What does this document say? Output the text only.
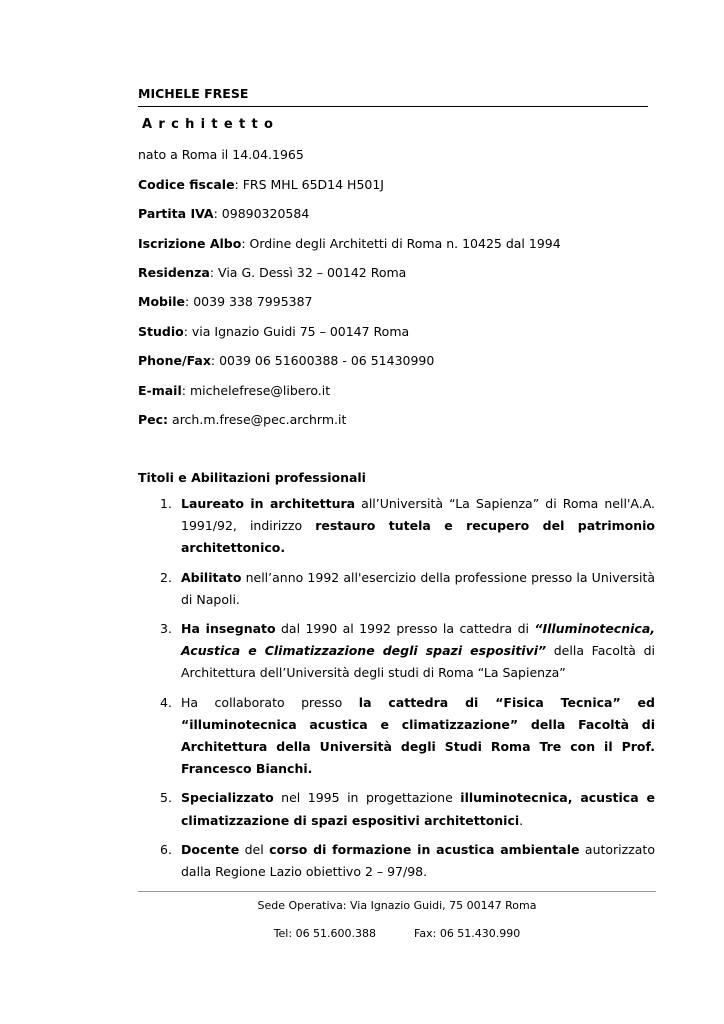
MICHELE FRESE
Architetto
nato a Roma il 14.04.1965
Codice fiscale: FRS MHL 65D14 H501J
Partita IVA: 09890320584
Iscrizione Albo: Ordine degli Architetti di Roma n. 10425 dal 1994
Residenza: Via G. Dessì 32 – 00142 Roma
Mobile: 0039 338 7995387
Studio: via Ignazio Guidi 75 – 00147 Roma
Phone/Fax: 0039 06 51600388 - 06 51430990
E-mail: michelefrese@libero.it
Pec: arch.m.frese@pec.archrm.it
Titoli e Abilitazioni professionali
1. Laureato in architettura all’Università “La Sapienza” di Roma nell'A.A. 1991/92, indirizzo restauro tutela e recupero del patrimonio architettonico.
2. Abilitato nell’anno 1992 all'esercizio della professione presso la Università di Napoli.
3. Ha insegnato dal 1990 al 1992 presso la cattedra di “Illuminotecnica, Acustica e Climatizzazione degli spazi espositivi” della Facoltà di Architettura dell’Università degli studi di Roma “La Sapienza”
4. Ha collaborato presso la cattedra di “Fisica Tecnica” ed “illuminotecnica acustica e climatizzazione” della Facoltà di Architettura della Università degli Studi Roma Tre con il Prof. Francesco Bianchi.
5. Specializzato nel 1995 in progettazione illuminotecnica, acustica e climatizzazione di spazi espositivi architettonici.
6. Docente del corso di formazione in acustica ambientale autorizzato dalla Regione Lazio obiettivo 2 – 97/98.
Sede Operativa: Via Ignazio Guidi, 75 00147 Roma
Tel: 06 51.600.388	Fax: 06 51.430.990
